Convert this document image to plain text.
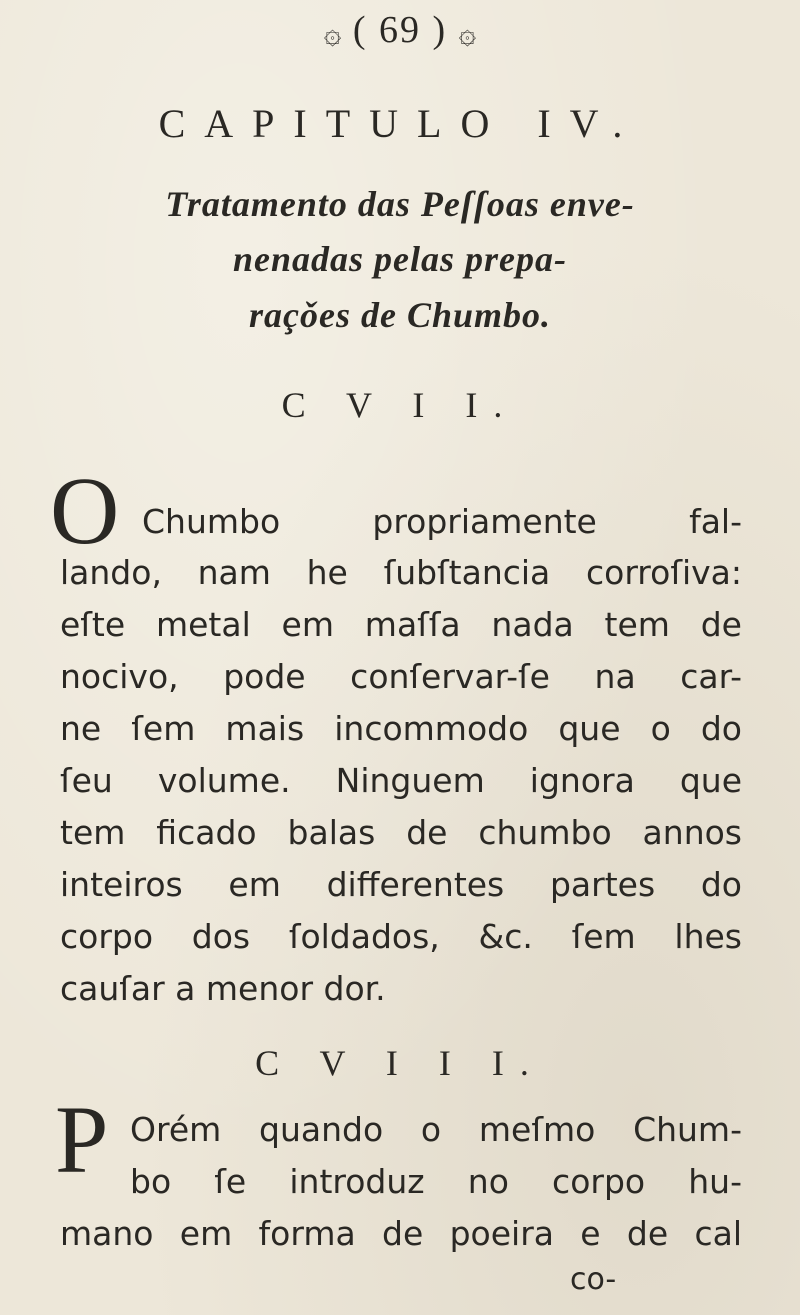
۞ ( 69 ) ۞
CAPITULO IV.
Tratamento das Peſſoas enve-
nenadas pelas prepa-
raçǒes de Chumbo.
C V I I.
O Chumbo propriamente fal-
lando, nam he ſubſtancia corroſiva:
eſte metal em maſſa nada tem de
nocivo, pode conſervar-ſe na car-
ne ſem mais incommodo que o do
ſeu volume. Ninguem ignora que
tem ficado balas de chumbo annos
inteiros em differentes partes do
corpo dos ſoldados, &c. ſem lhes
cauſar a menor dor.
C V I I I.
P Orém quando o meſmo Chum-
bo ſe introduz no corpo hu-
mano em forma de poeira e de cal
co-
